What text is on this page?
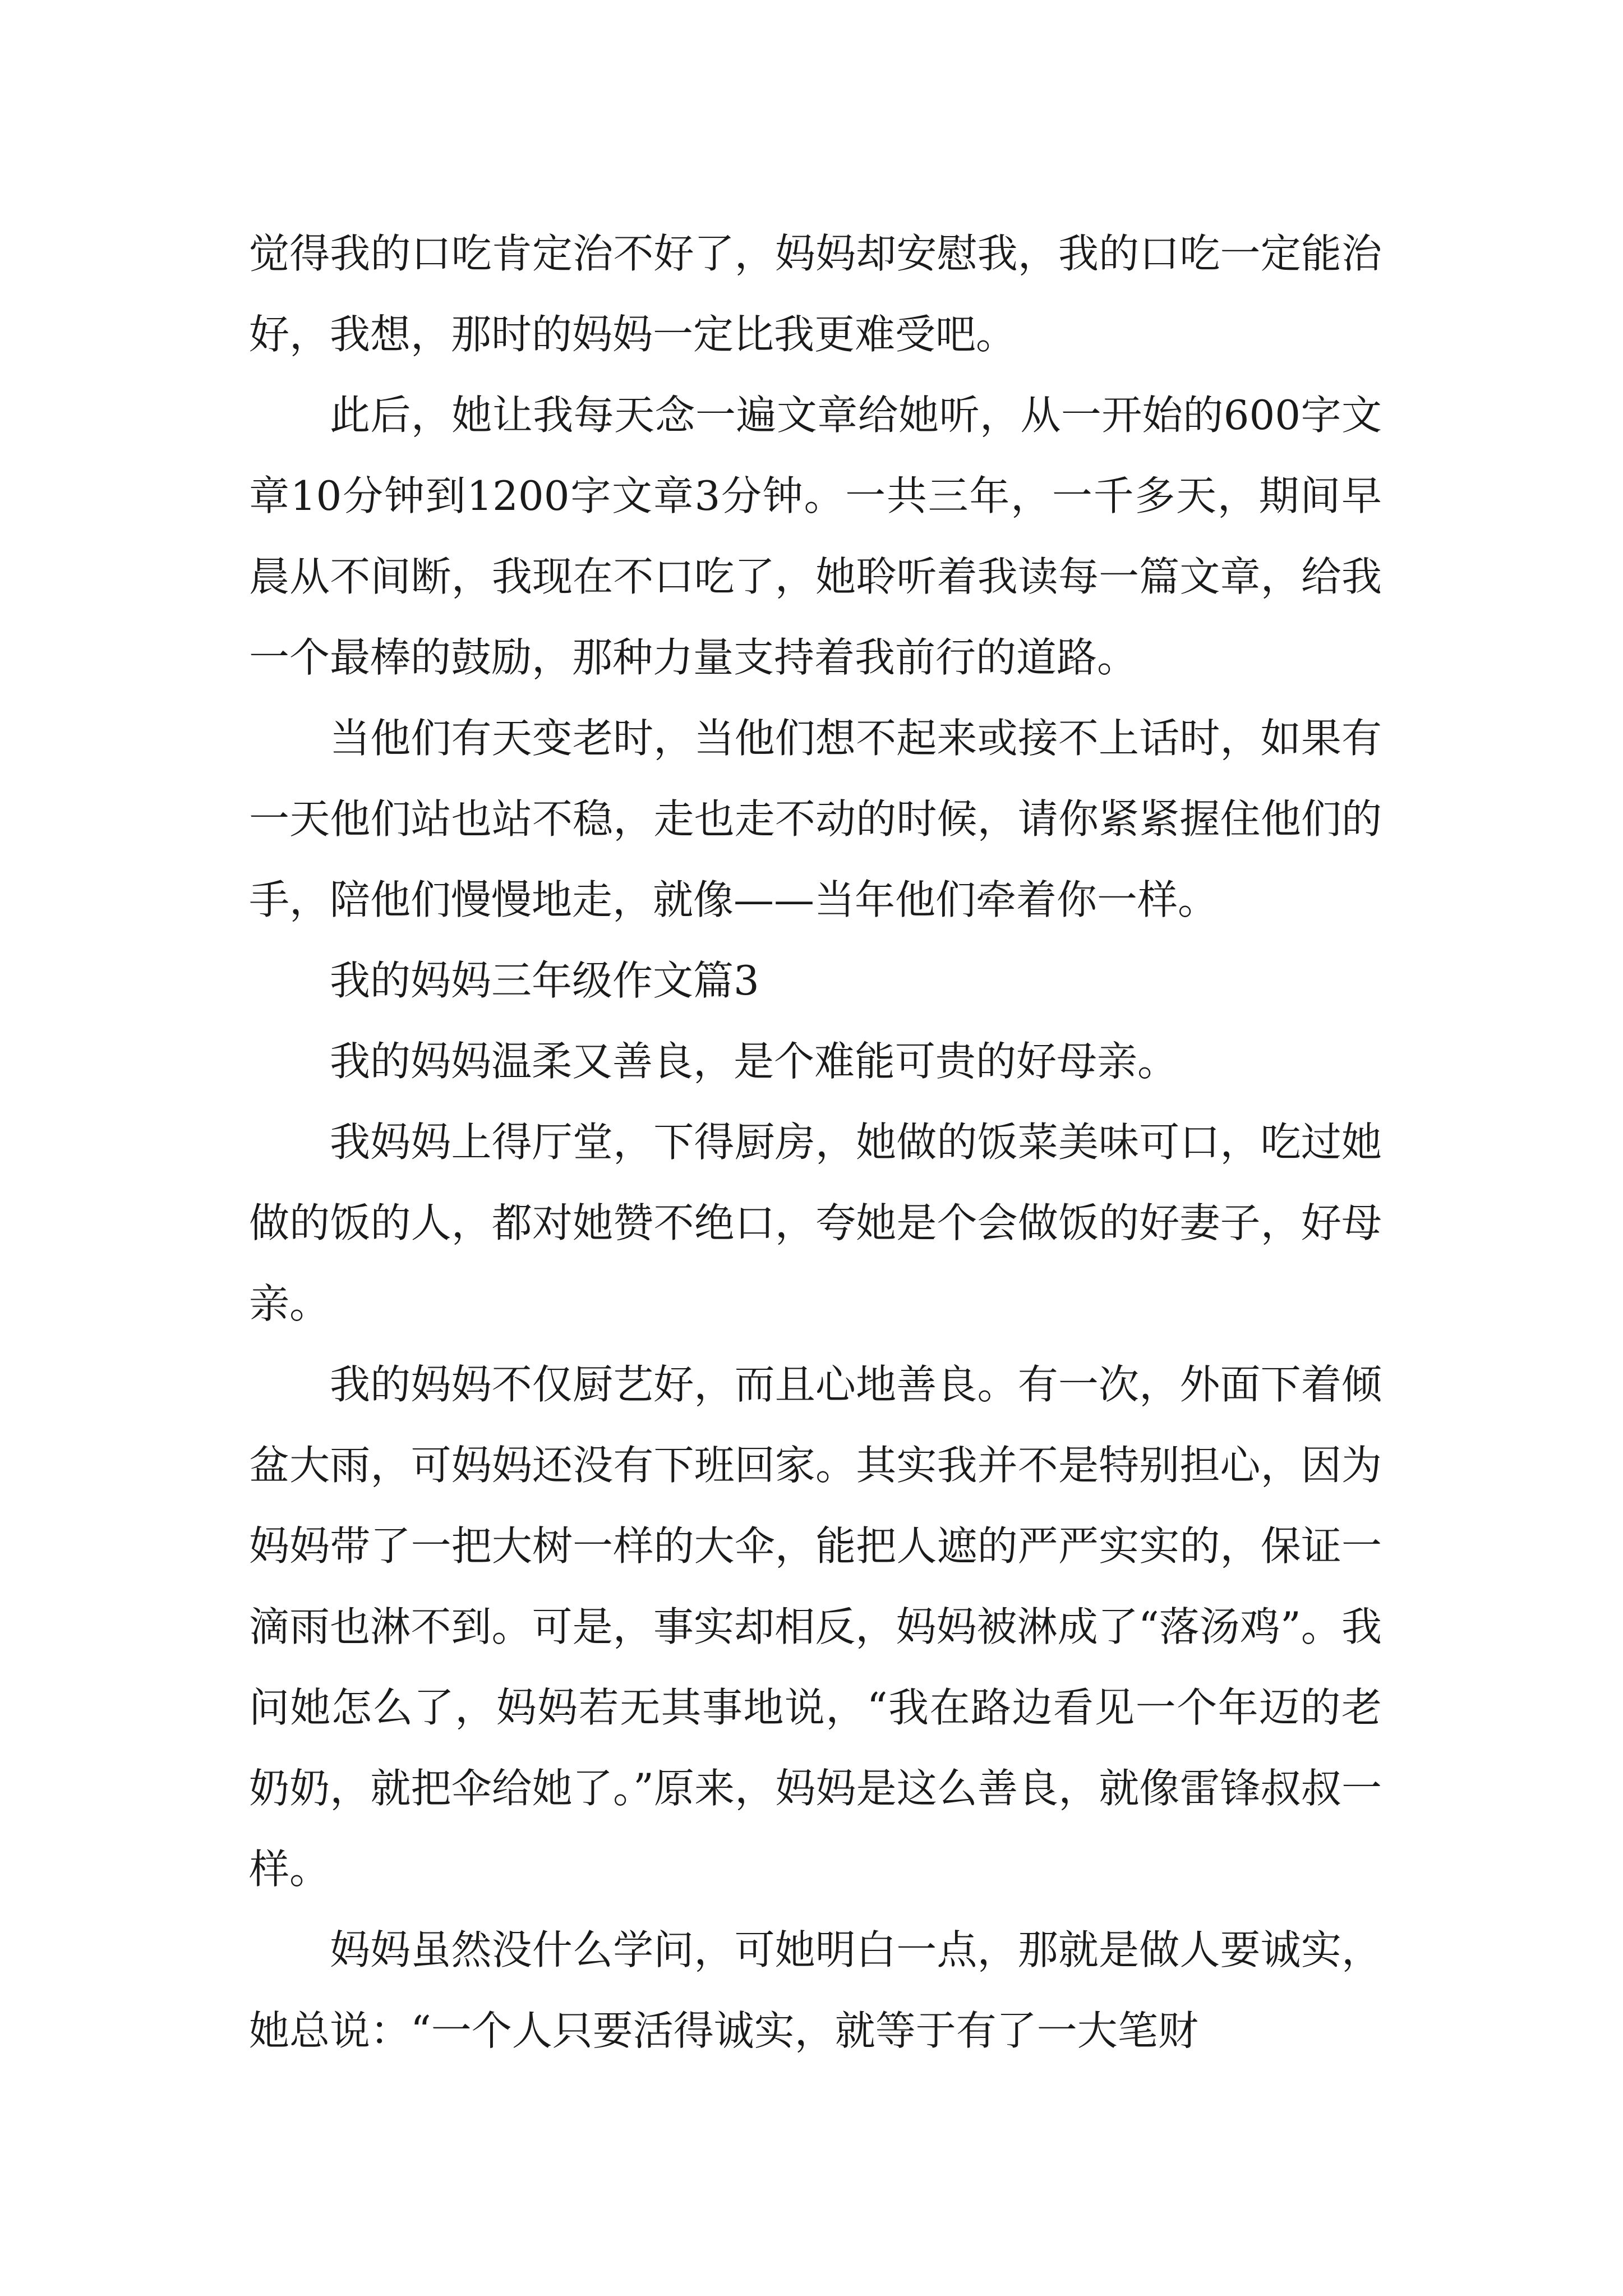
觉得我的口吃肯定治不好了，妈妈却安慰我，我的口吃一定能治好，我想，那时的妈妈一定比我更难受吧。

此后，她让我每天念一遍文章给她听，从一开始的600字文章10分钟到1200字文章3分钟。一共三年，一千多天，期间早晨从不间断，我现在不口吃了，她聆听着我读每一篇文章，给我一个最棒的鼓励，那种力量支持着我前行的道路。

当他们有天变老时，当他们想不起来或接不上话时，如果有一天他们站也站不稳，走也走不动的时候，请你紧紧握住他们的手，陪他们慢慢地走，就像——当年他们牵着你一样。

我的妈妈三年级作文篇3

我的妈妈温柔又善良，是个难能可贵的好母亲。

我妈妈上得厅堂，下得厨房，她做的饭菜美味可口，吃过她做的饭的人，都对她赞不绝口，夸她是个会做饭的好妻子，好母亲。

我的妈妈不仅厨艺好，而且心地善良。有一次，外面下着倾盆大雨，可妈妈还没有下班回家。其实我并不是特别担心，因为妈妈带了一把大树一样的大伞，能把人遮的严严实实的，保证一滴雨也淋不到。可是，事实却相反，妈妈被淋成了“落汤鸡”。我问她怎么了，妈妈若无其事地说，“我在路边看见一个年迈的老奶奶，就把伞给她了。”原来，妈妈是这么善良，就像雷锋叔叔一样。

妈妈虽然没什么学问，可她明白一点，那就是做人要诚实，她总说：“一个人只要活得诚实，就等于有了一大笔财
